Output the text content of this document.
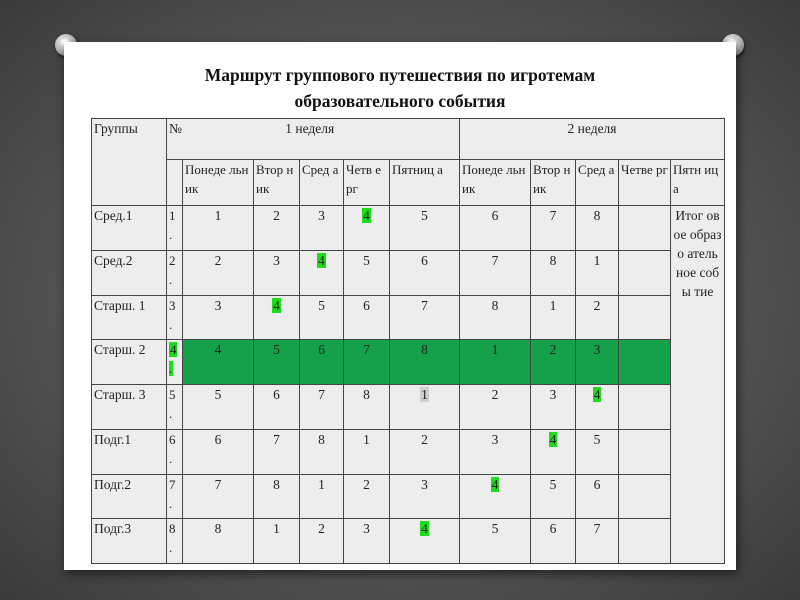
Маршрут группового путешествия по игротемам
образовательного события
Группы	№ 1 неделя						2 неделя				
		Понеде льник	Втор ник	Сред а	Четв ерг	Пятниц а	Понеде льник	Втор ник	Сред а	Четве рг	Пятн ица
Сред.1	1 .	1	2	3	4	5	6	7	8		Итог овое образ о атель ное собы тие
Сред.2	2 .	2	3	4	5	6	7	8	1		
Старш. 1	3 .	3	4	5	6	7	8	1	2		
Старш. 2	4 .	4	5	6	7	8	1	2	3		
Старш. 3	5 .	5	6	7	8	1	2	3	4		
Подг.1	6 .	6	7	8	1	2	3	4	5		
Подг.2	7 .	7	8	1	2	3	4	5	6		
Подг.3	8 .	8	1	2	3	4	5	6	7		
